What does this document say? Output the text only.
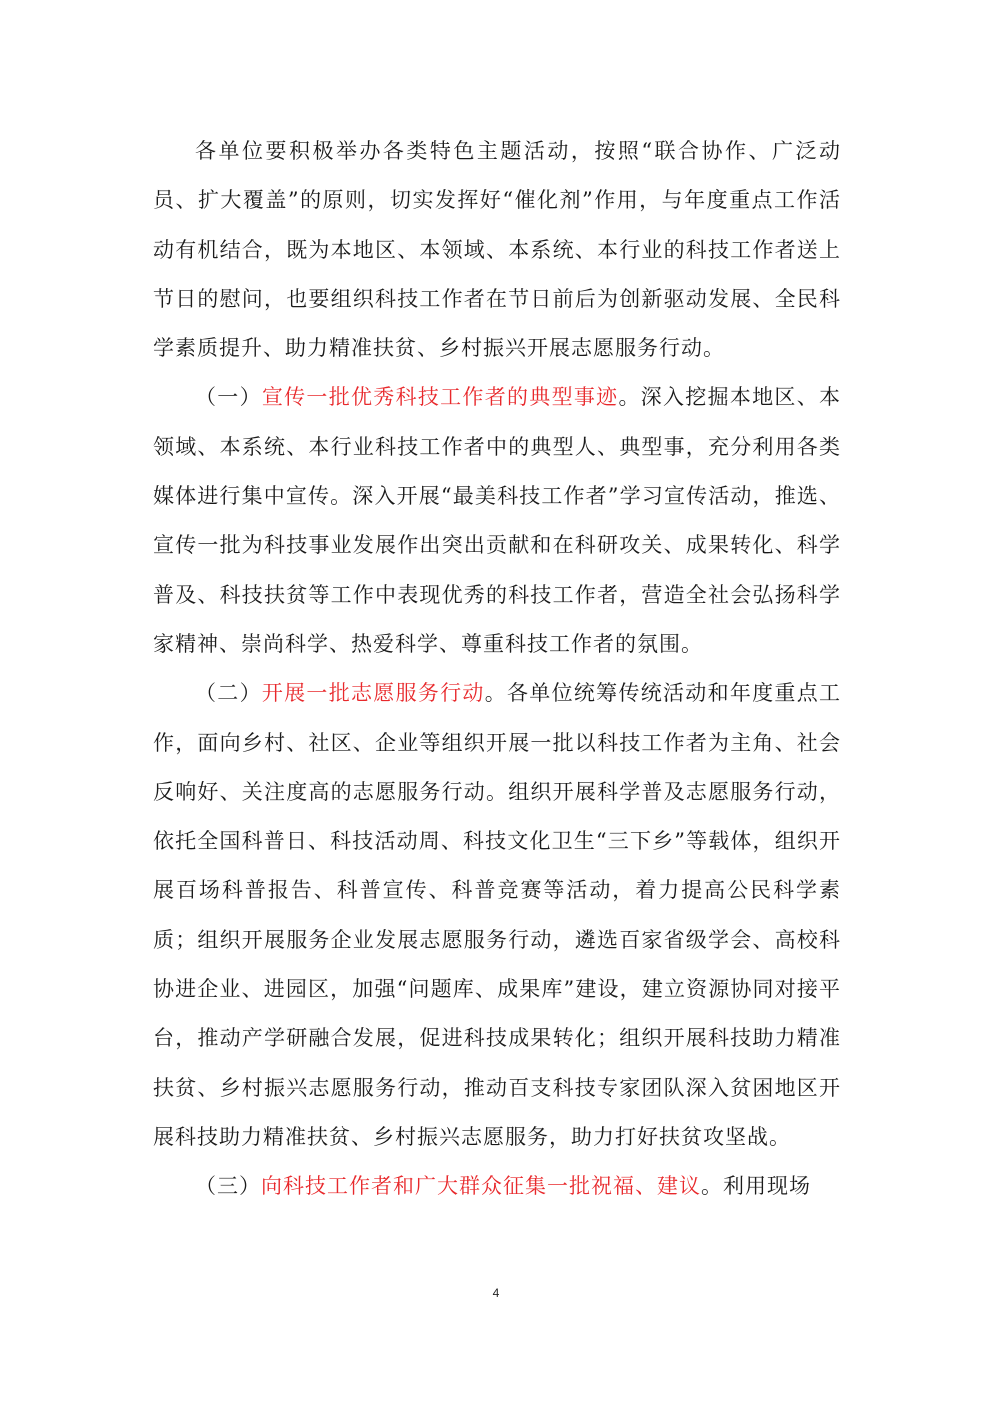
各单位要积极举办各类特色主题活动，按照“联合协作、广泛动员、扩大覆盖”的原则，切实发挥好“催化剂”作用，与年度重点工作活动有机结合，既为本地区、本领域、本系统、本行业的科技工作者送上节日的慰问，也要组织科技工作者在节日前后为创新驱动发展、全民科学素质提升、助力精准扶贫、乡村振兴开展志愿服务行动。

（一）宣传一批优秀科技工作者的典型事迹。深入挖掘本地区、本领域、本系统、本行业科技工作者中的典型人、典型事，充分利用各类媒体进行集中宣传。深入开展“最美科技工作者”学习宣传活动，推选、宣传一批为科技事业发展作出突出贡献和在科研攻关、成果转化、科学普及、科技扶贫等工作中表现优秀的科技工作者，营造全社会弘扬科学家精神、崇尚科学、热爱科学、尊重科技工作者的氛围。

（二）开展一批志愿服务行动。各单位统筹传统活动和年度重点工作，面向乡村、社区、企业等组织开展一批以科技工作者为主角、社会反响好、关注度高的志愿服务行动。组织开展科学普及志愿服务行动，依托全国科普日、科技活动周、科技文化卫生“三下乡”等载体，组织开展百场科普报告、科普宣传、科普竞赛等活动，着力提高公民科学素质；组织开展服务企业发展志愿服务行动，遴选百家省级学会、高校科协进企业、进园区，加强“问题库、成果库”建设，建立资源协同对接平台，推动产学研融合发展，促进科技成果转化；组织开展科技助力精准扶贫、乡村振兴志愿服务行动，推动百支科技专家团队深入贫困地区开展科技助力精准扶贫、乡村振兴志愿服务，助力打好扶贫攻坚战。

（三）向科技工作者和广大群众征集一批祝福、建议。利用现场

4
